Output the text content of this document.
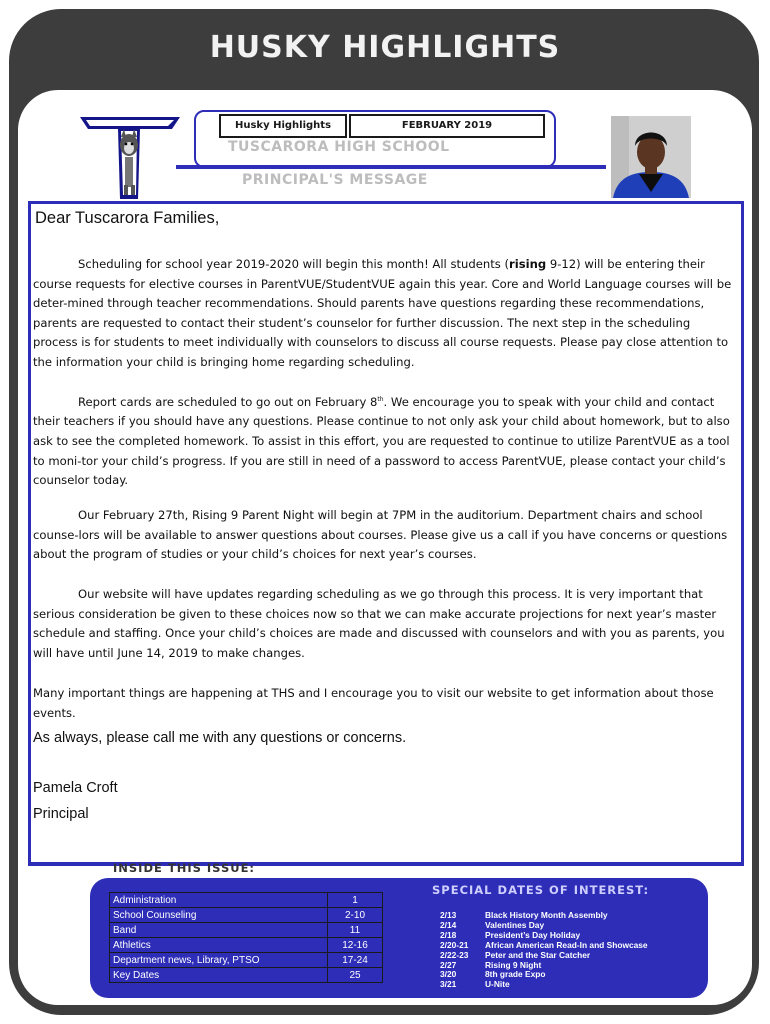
HUSKY HIGHLIGHTS
Husky Highlights	FEBRUARY 2019
TUSCARORA HIGH SCHOOL
PRINCIPAL'S MESSAGE
Dear Tuscarora Families,
Scheduling for school year 2019-2020 will begin this month! All students (rising 9-12) will be entering their course requests for elective courses in ParentVUE/StudentVUE again this year. Core and World Language courses will be deter-mined through teacher recommendations. Should parents have questions regarding these recommendations, parents are requested to contact their student’s counselor for further discussion. The next step in the scheduling process is for students to meet individually with counselors to discuss all course requests. Please pay close attention to the information your child is bringing home regarding scheduling.
Report cards are scheduled to go out on February 8th. We encourage you to speak with your child and contact their teachers if you should have any questions. Please continue to not only ask your child about homework, but to also ask to see the completed homework. To assist in this effort, you are requested to continue to utilize ParentVUE as a tool to moni-tor your child’s progress. If you are still in need of a password to access ParentVUE, please contact your child’s counselor today.
Our February 27th, Rising 9 Parent Night will begin at 7PM in the auditorium. Department chairs and school counse-lors will be available to answer questions about courses. Please give us a call if you have concerns or questions about the program of studies or your child’s choices for next year’s courses.
Our website will have updates regarding scheduling as we go through this process. It is very important that serious consideration be given to these choices now so that we can make accurate projections for next year’s master schedule and staffing. Once your child’s choices are made and discussed with counselors and with you as parents, you will have until June 14, 2019 to make changes.
Many important things are happening at THS and I encourage you to visit our website to get information about those events.
As always, please call me with any questions or concerns.
Pamela Croft
Principal
INSIDE THIS ISSUE:
Administration	1
School Counseling	2-10
Band	11
Athletics	12-16
Department news, Library, PTSO	17-24
Key Dates	25
SPECIAL DATES OF INTEREST:
2/13	Black History Month Assembly
2/14	Valentines Day
2/18	President’s Day Holiday
2/20-21 African American Read-In and Showcase
2/22-23 Peter and the Star Catcher
2/27	Rising 9 Night
3/20	8th grade Expo
3/21	U-Nite
